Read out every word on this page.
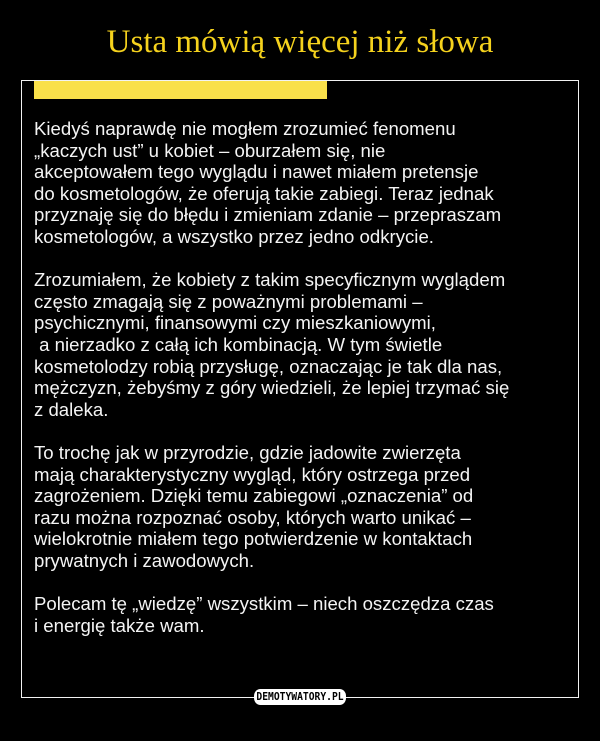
Usta mówią więcej niż słowa
Kiedyś naprawdę nie mogłem zrozumieć fenomenu
„kaczych ust” u kobiet – oburzałem się, nie
akceptowałem tego wyglądu i nawet miałem pretensje
do kosmetologów, że oferują takie zabiegi. Teraz jednak
przyznaję się do błędu i zmieniam zdanie – przepraszam
kosmetologów, a wszystko przez jedno odkrycie.
Zrozumiałem, że kobiety z takim specyficznym wyglądem
często zmagają się z poważnymi problemami –
psychicznymi, finansowymi czy mieszkaniowymi,
a nierzadko z całą ich kombinacją. W tym świetle
kosmetolodzy robią przysługę, oznaczając je tak dla nas,
mężczyzn, żebyśmy z góry wiedzieli, że lepiej trzymać się
z daleka.
To trochę jak w przyrodzie, gdzie jadowite zwierzęta
mają charakterystyczny wygląd, który ostrzega przed
zagrożeniem. Dzięki temu zabiegowi „oznaczenia” od
razu można rozpoznać osoby, których warto unikać –
wielokrotnie miałem tego potwierdzenie w kontaktach
prywatnych i zawodowych.
Polecam tę „wiedzę” wszystkim – niech oszczędza czas
i energię także wam.
DEMOTYWATORY.PL
